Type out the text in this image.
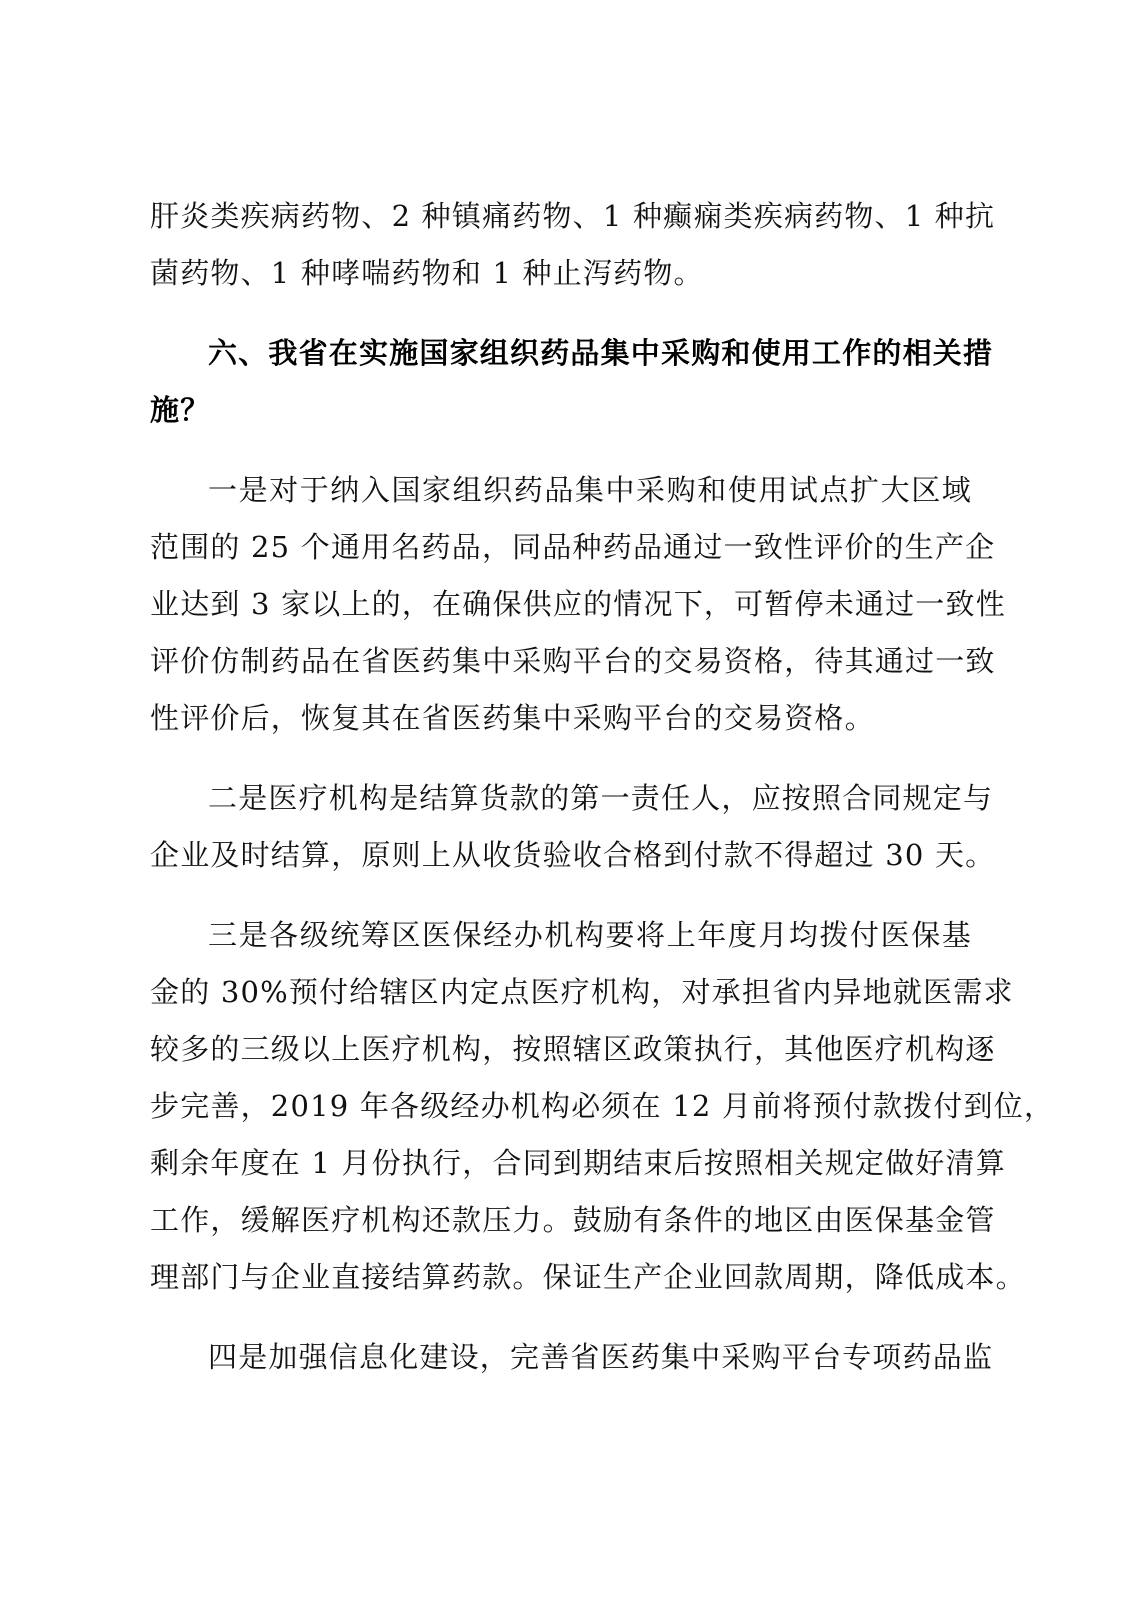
肝炎类疾病药物、2 种镇痛药物、1 种癫痫类疾病药物、1 种抗
菌药物、1 种哮喘药物和 1 种止泻药物。
六、我省在实施国家组织药品集中采购和使用工作的相关措
施？
一是对于纳入国家组织药品集中采购和使用试点扩大区域
范围的 25 个通用名药品，同品种药品通过一致性评价的生产企
业达到 3 家以上的，在确保供应的情况下，可暂停未通过一致性
评价仿制药品在省医药集中采购平台的交易资格，待其通过一致
性评价后，恢复其在省医药集中采购平台的交易资格。
二是医疗机构是结算货款的第一责任人，应按照合同规定与
企业及时结算，原则上从收货验收合格到付款不得超过 30 天。
三是各级统筹区医保经办机构要将上年度月均拨付医保基
金的 30%预付给辖区内定点医疗机构，对承担省内异地就医需求
较多的三级以上医疗机构，按照辖区政策执行，其他医疗机构逐
步完善，2019 年各级经办机构必须在 12 月前将预付款拨付到位，
剩余年度在 1 月份执行，合同到期结束后按照相关规定做好清算
工作，缓解医疗机构还款压力。鼓励有条件的地区由医保基金管
理部门与企业直接结算药款。保证生产企业回款周期，降低成本。
四是加强信息化建设，完善省医药集中采购平台专项药品监
